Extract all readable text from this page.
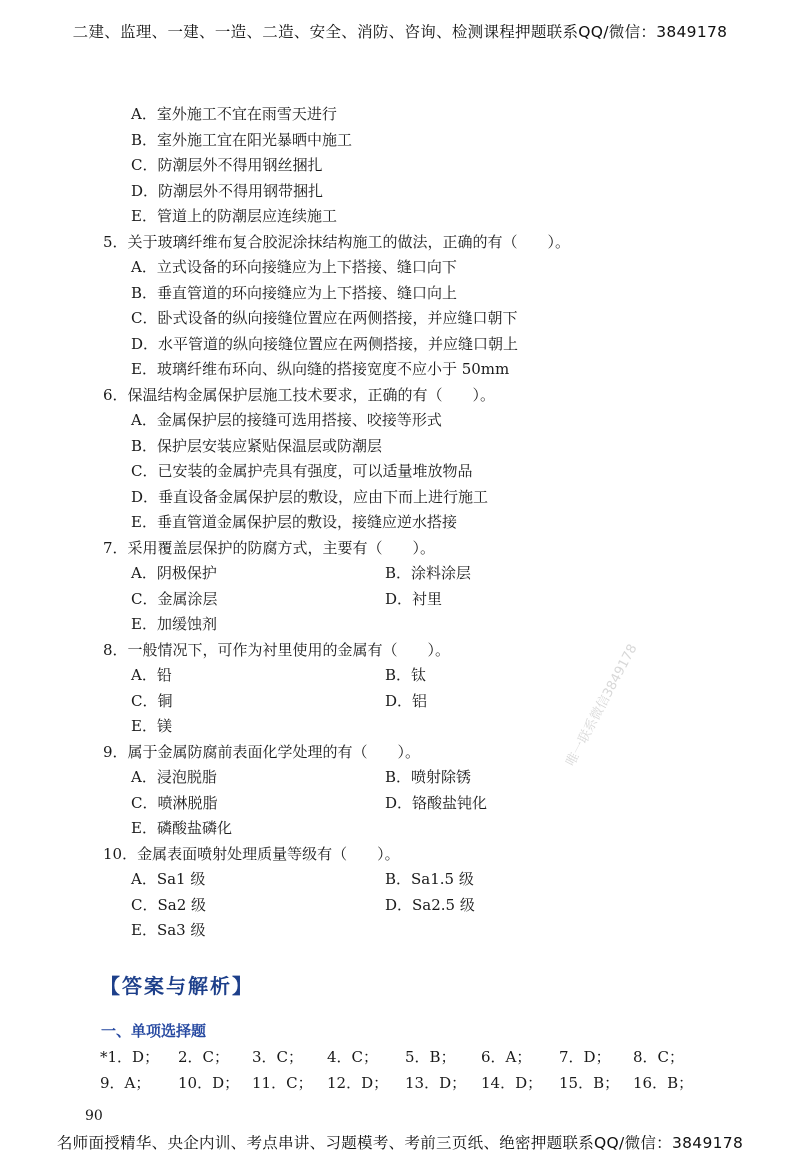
二建、监理、一建、一造、二造、安全、消防、咨询、检测课程押题联系QQ/微信：3849178
唯一联系微信3849178
A．室外施工不宜在雨雪天进行
B．室外施工宜在阳光暴晒中施工
C．防潮层外不得用钢丝捆扎
D．防潮层外不得用钢带捆扎
E．管道上的防潮层应连续施工
5．关于玻璃纤维布复合胶泥涂抹结构施工的做法，正确的有（　　）。
A．立式设备的环向接缝应为上下搭接、缝口向下
B．垂直管道的环向接缝应为上下搭接、缝口向上
C．卧式设备的纵向接缝位置应在两侧搭接，并应缝口朝下
D．水平管道的纵向接缝位置应在两侧搭接，并应缝口朝上
E．玻璃纤维布环向、纵向缝的搭接宽度不应小于 50mm
6．保温结构金属保护层施工技术要求，正确的有（　　）。
A．金属保护层的接缝可选用搭接、咬接等形式
B．保护层安装应紧贴保温层或防潮层
C．已安装的金属护壳具有强度，可以适量堆放物品
D．垂直设备金属保护层的敷设，应由下而上进行施工
E．垂直管道金属保护层的敷设，接缝应逆水搭接
7．采用覆盖层保护的防腐方式，主要有（　　）。
A．阴极保护	B．涂料涂层
C．金属涂层	D．衬里
E．加缓蚀剂
8．一般情况下，可作为衬里使用的金属有（　　）。
A．铅	B．钛
C．铜	D．铝
E．镁
9．属于金属防腐前表面化学处理的有（　　）。
A．浸泡脱脂	B．喷射除锈
C．喷淋脱脂	D．铬酸盐钝化
E．磷酸盐磷化
10．金属表面喷射处理质量等级有（　　）。
A．Sa1 级	B．Sa1.5 级
C．Sa2 级	D．Sa2.5 级
E．Sa3 级
【答案与解析】
一、单项选择题
*1．D； 2．C； 3．C； 4．C； 5．B； 6．A； 7．D； 8．C；
9．A； 10．D； 11．C； 12．D； 13．D； 14．D； 15．B； 16．B；
90
名师面授精华、央企内训、考点串讲、习题模考、考前三页纸、绝密押题联系QQ/微信：3849178
